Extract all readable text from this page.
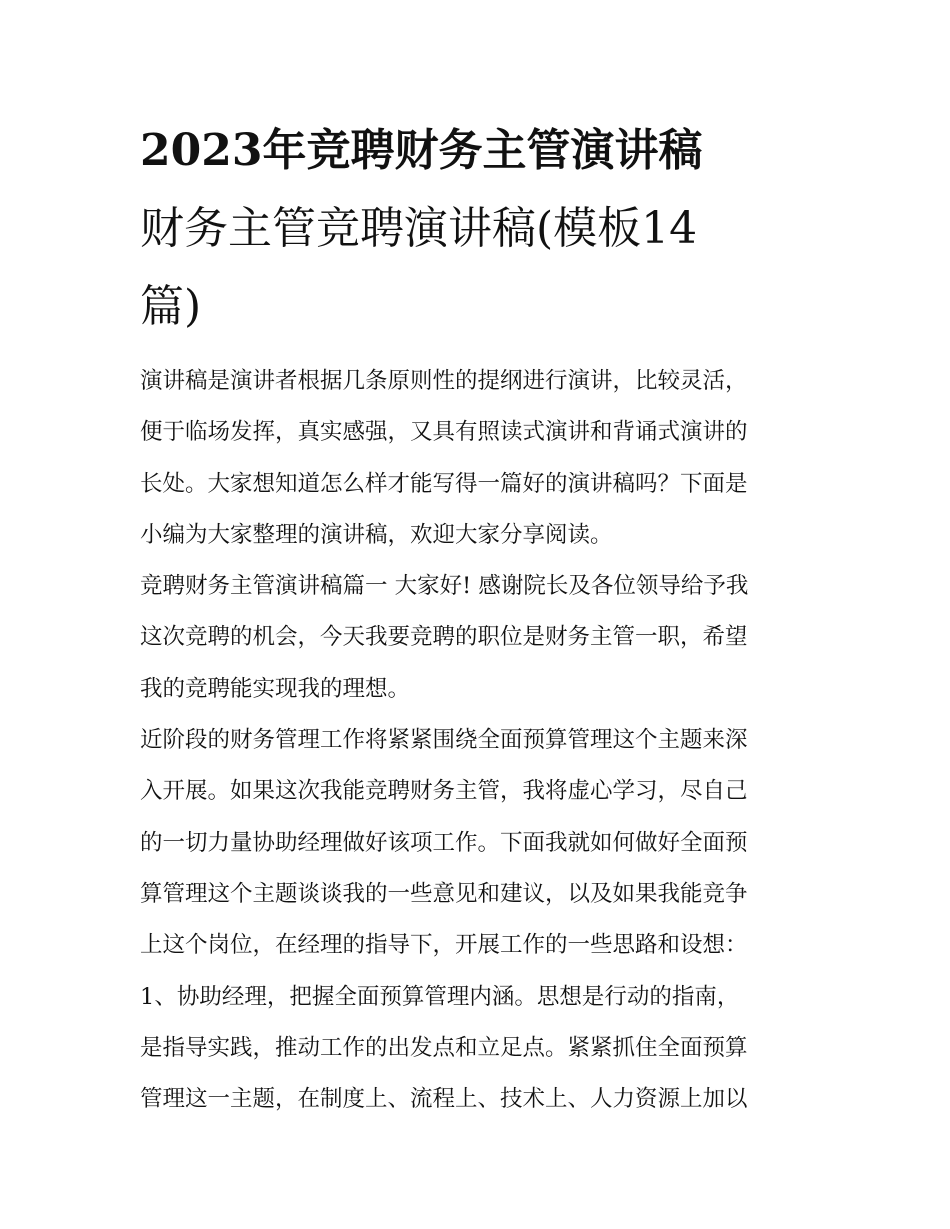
2023年竞聘财务主管演讲稿
财务主管竞聘演讲稿(模板14
篇)

演讲稿是演讲者根据几条原则性的提纲进行演讲，比较灵活，
便于临场发挥，真实感强，又具有照读式演讲和背诵式演讲的
长处。大家想知道怎么样才能写得一篇好的演讲稿吗？下面是
小编为大家整理的演讲稿，欢迎大家分享阅读。

竞聘财务主管演讲稿篇一 大家好! 感谢院长及各位领导给予我
这次竞聘的机会，今天我要竞聘的职位是财务主管一职，希望
我的竞聘能实现我的理想。

近阶段的财务管理工作将紧紧围绕全面预算管理这个主题来深
入开展。如果这次我能竞聘财务主管，我将虚心学习，尽自己
的一切力量协助经理做好该项工作。下面我就如何做好全面预
算管理这个主题谈谈我的一些意见和建议，以及如果我能竞争
上这个岗位，在经理的指导下，开展工作的一些思路和设想：

1、协助经理，把握全面预算管理内涵。思想是行动的指南，
是指导实践，推动工作的出发点和立足点。紧紧抓住全面预算
管理这一主题，在制度上、流程上、技术上、人力资源上加以
